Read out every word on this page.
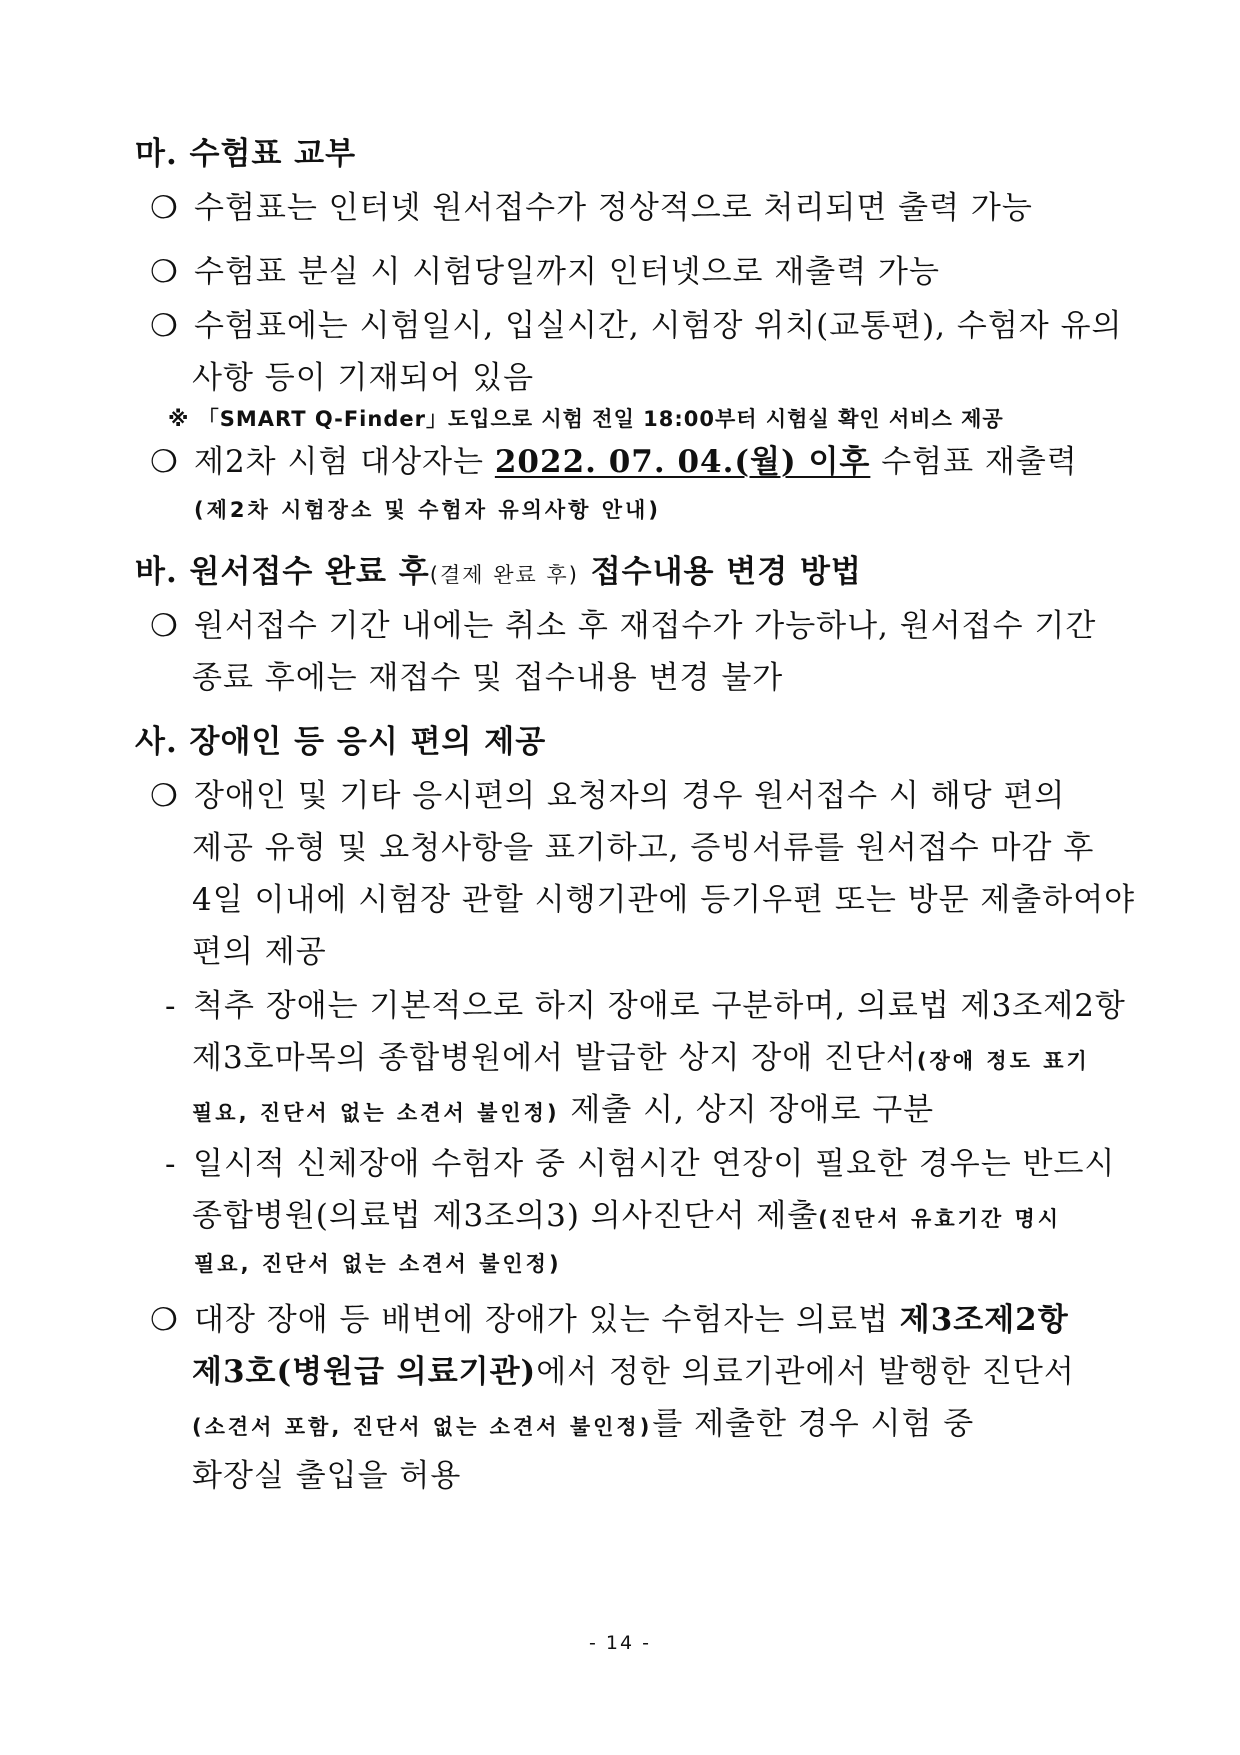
마. 수험표 교부
❍ 수험표는 인터넷 원서접수가 정상적으로 처리되면 출력 가능
❍ 수험표 분실 시 시험당일까지 인터넷으로 재출력 가능
❍ 수험표에는 시험일시, 입실시간, 시험장 위치(교통편), 수험자 유의
사항 등이 기재되어 있음
※ 「SMART Q-Finder」도입으로 시험 전일 18:00부터 시험실 확인 서비스 제공
❍ 제2차 시험 대상자는 2022. 07. 04.(월) 이후 수험표 재출력
(제2차 시험장소 및 수험자 유의사항 안내)
바. 원서접수 완료 후(결제 완료 후) 접수내용 변경 방법
❍ 원서접수 기간 내에는 취소 후 재접수가 가능하나, 원서접수 기간
종료 후에는 재접수 및 접수내용 변경 불가
사. 장애인 등 응시 편의 제공
❍ 장애인 및 기타 응시편의 요청자의 경우 원서접수 시 해당 편의
제공 유형 및 요청사항을 표기하고, 증빙서류를 원서접수 마감 후
4일 이내에 시험장 관할 시행기관에 등기우편 또는 방문 제출하여야
편의 제공
- 척추 장애는 기본적으로 하지 장애로 구분하며, 의료법 제3조제2항
제3호마목의 종합병원에서 발급한 상지 장애 진단서(장애 정도 표기
필요, 진단서 없는 소견서 불인정) 제출 시, 상지 장애로 구분
- 일시적 신체장애 수험자 중 시험시간 연장이 필요한 경우는 반드시
종합병원(의료법 제3조의3) 의사진단서 제출(진단서 유효기간 명시
필요, 진단서 없는 소견서 불인정)
❍ 대장 장애 등 배변에 장애가 있는 수험자는 의료법 제3조제2항
제3호(병원급 의료기관)에서 정한 의료기관에서 발행한 진단서
(소견서 포함, 진단서 없는 소견서 불인정)를 제출한 경우 시험 중
화장실 출입을 허용
- 14 -
